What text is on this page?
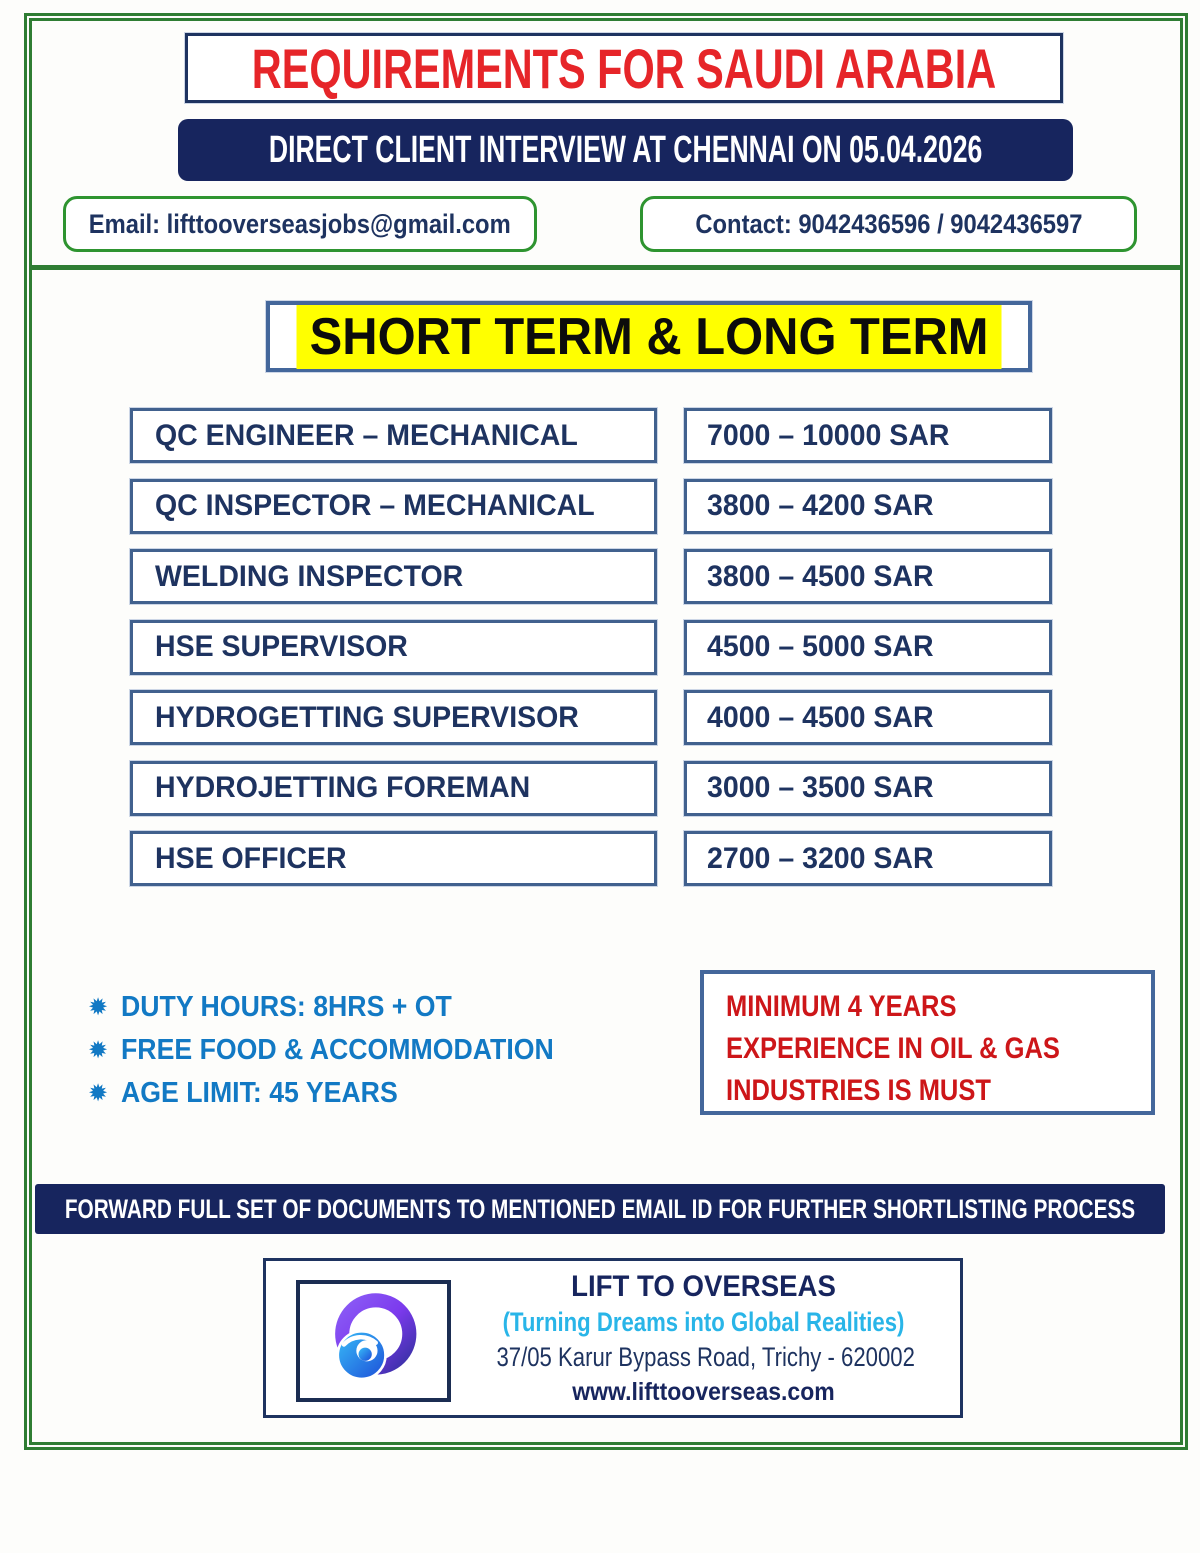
REQUIREMENTS FOR SAUDI ARABIA
DIRECT CLIENT INTERVIEW AT CHENNAI ON 05.04.2026
Email: lifttooverseasjobs@gmail.com	Contact: 9042436596 / 9042436597
SHORT TERM & LONG TERM
QC ENGINEER – MECHANICAL	7000 – 10000 SAR
QC INSPECTOR – MECHANICAL	3800 – 4200 SAR
WELDING INSPECTOR	3800 – 4500 SAR
HSE SUPERVISOR	4500 – 5000 SAR
HYDROGETTING SUPERVISOR	4000 – 4500 SAR
HYDROJETTING FOREMAN	3000 – 3500 SAR
HSE OFFICER	2700 – 3200 SAR
✹ DUTY HOURS: 8HRS + OT
✹ FREE FOOD & ACCOMMODATION
✹ AGE LIMIT: 45 YEARS
MINIMUM 4 YEARS
EXPERIENCE IN OIL & GAS
INDUSTRIES IS MUST
FORWARD FULL SET OF DOCUMENTS TO MENTIONED EMAIL ID FOR FURTHER SHORTLISTING PROCESS
LIFT TO OVERSEAS
(Turning Dreams into Global Realities)
37/05 Karur Bypass Road, Trichy - 620002
www.lifttooverseas.com
